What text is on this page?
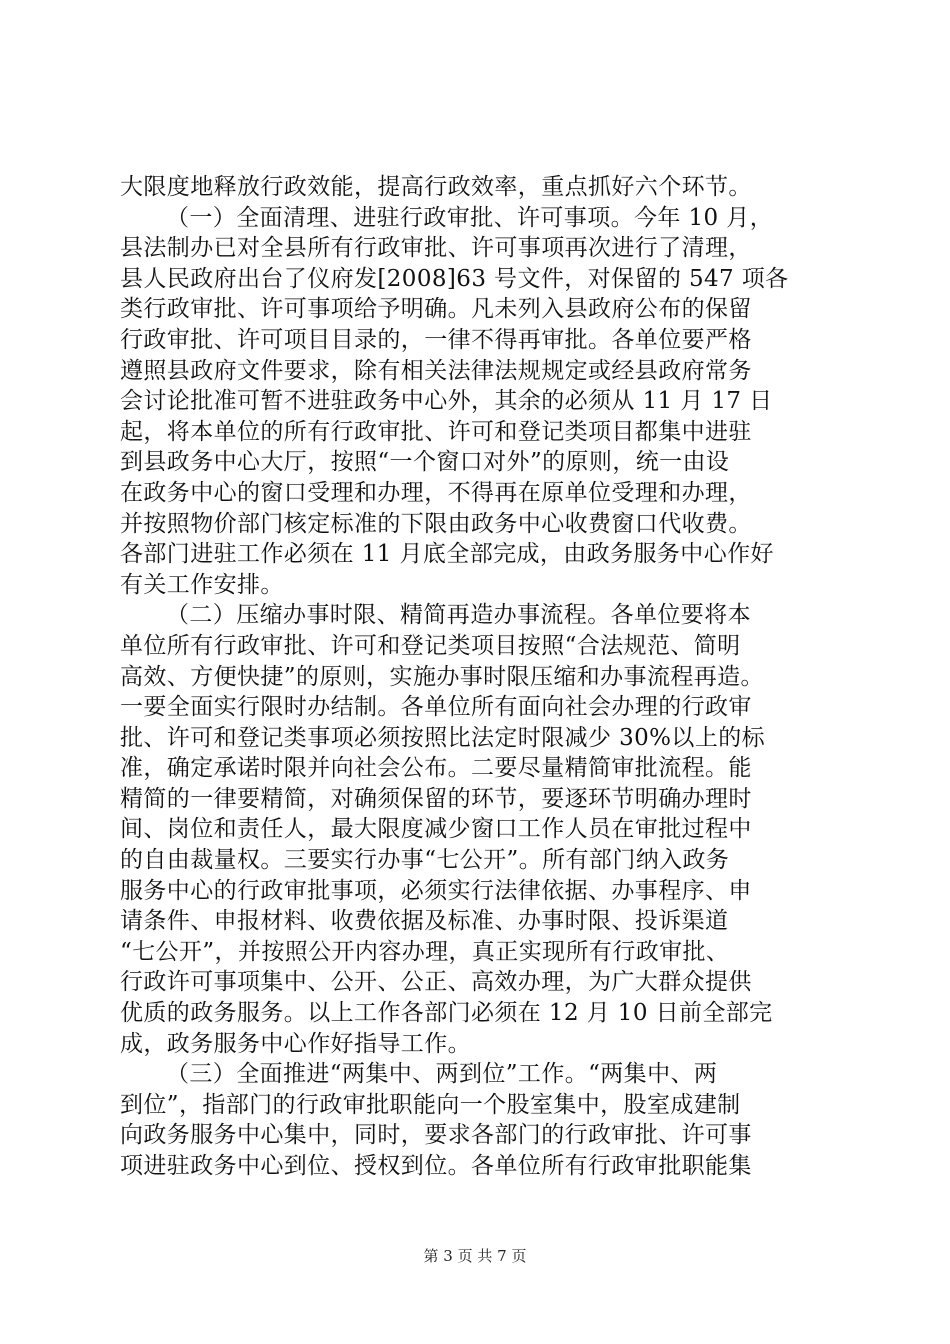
大限度地释放行政效能，提高行政效率，重点抓好六个环节。
（一）全面清理、进驻行政审批、许可事项。今年 10 月，
县法制办已对全县所有行政审批、许可事项再次进行了清理，
县人民政府出台了仪府发[2008]63 号文件，对保留的 547 项各
类行政审批、许可事项给予明确。凡未列入县政府公布的保留
行政审批、许可项目目录的，一律不得再审批。各单位要严格
遵照县政府文件要求，除有相关法律法规规定或经县政府常务
会讨论批准可暂不进驻政务中心外，其余的必须从 11 月 17 日
起，将本单位的所有行政审批、许可和登记类项目都集中进驻
到县政务中心大厅，按照“一个窗口对外”的原则，统一由设
在政务中心的窗口受理和办理，不得再在原单位受理和办理，
并按照物价部门核定标准的下限由政务中心收费窗口代收费。
各部门进驻工作必须在 11 月底全部完成，由政务服务中心作好
有关工作安排。
（二）压缩办事时限、精简再造办事流程。各单位要将本
单位所有行政审批、许可和登记类项目按照“合法规范、简明
高效、方便快捷”的原则，实施办事时限压缩和办事流程再造。
一要全面实行限时办结制。各单位所有面向社会办理的行政审
批、许可和登记类事项必须按照比法定时限减少 30%以上的标
准，确定承诺时限并向社会公布。二要尽量精简审批流程。能
精简的一律要精简，对确须保留的环节，要逐环节明确办理时
间、岗位和责任人，最大限度减少窗口工作人员在审批过程中
的自由裁量权。三要实行办事“七公开”。所有部门纳入政务
服务中心的行政审批事项，必须实行法律依据、办事程序、申
请条件、申报材料、收费依据及标准、办事时限、投诉渠道
“七公开”，并按照公开内容办理，真正实现所有行政审批、
行政许可事项集中、公开、公正、高效办理，为广大群众提供
优质的政务服务。以上工作各部门必须在 12 月 10 日前全部完
成，政务服务中心作好指导工作。
（三）全面推进“两集中、两到位”工作。“两集中、两
到位”，指部门的行政审批职能向一个股室集中，股室成建制
向政务服务中心集中，同时，要求各部门的行政审批、许可事
项进驻政务中心到位、授权到位。各单位所有行政审批职能集
第 3 页 共 7 页
